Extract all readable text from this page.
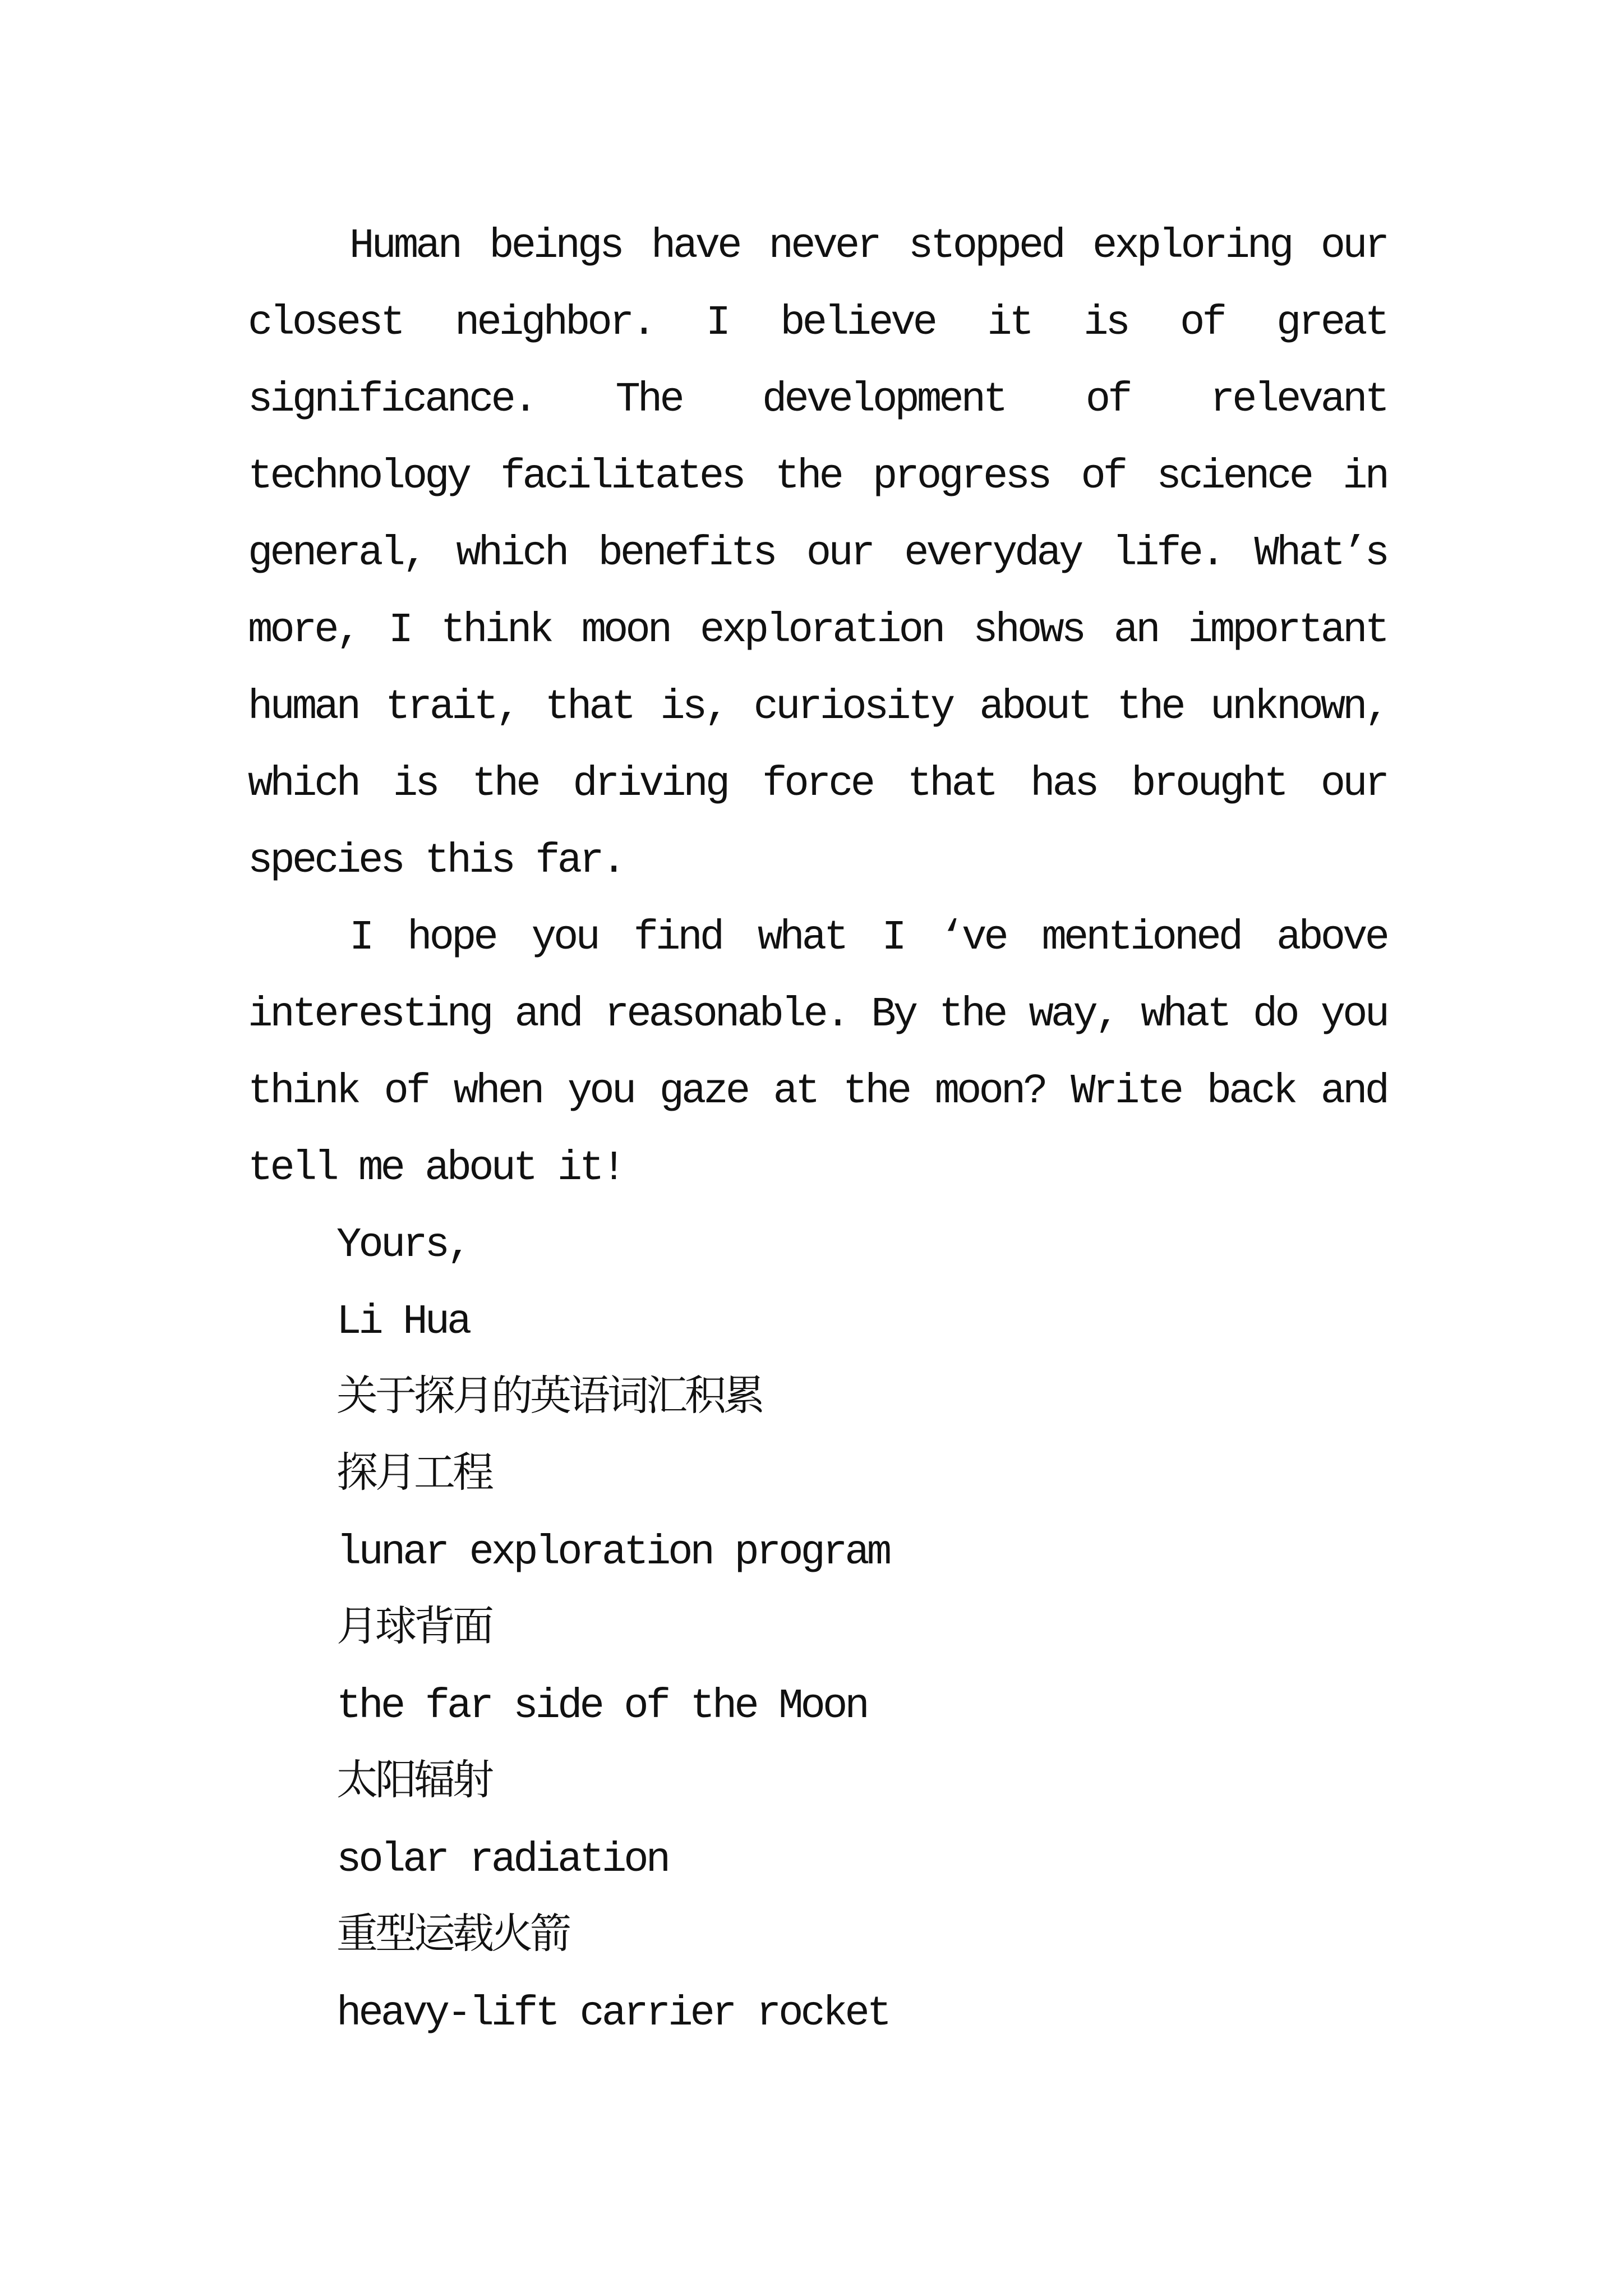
Human beings have never stopped exploring our
closest neighbor. I believe it is of great
significance. The development of relevant
technology facilitates the progress of science in
general, which benefits our everyday life. What’s
more, I think moon exploration shows an important
human trait, that is, curiosity about the unknown,
which is the driving force that has brought our
species this far.
I hope you find what I ‘ve mentioned above
interesting and reasonable. By the way, what do you
think of when you gaze at the moon? Write back and
tell me about it!
Yours,
Li Hua
关于探月的英语词汇积累
探月工程
lunar exploration program
月球背面
the far side of the Moon
太阳辐射
solar radiation
重型运载火箭
heavy-lift carrier rocket
